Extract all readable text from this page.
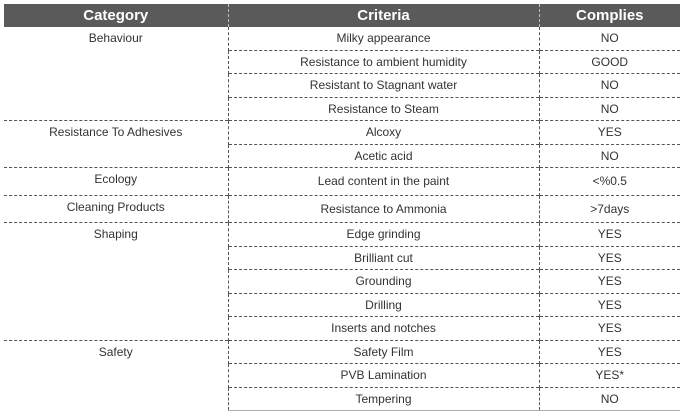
Category	Criteria	Complies
Behaviour	Milky appearance	NO
	Resistance to ambient humidity	GOOD
	Resistant to Stagnant water	NO
	Resistance to Steam	NO
Resistance To Adhesives	Alcoxy	YES
	Acetic acid	NO
Ecology	Lead content in the paint	<%0.5
Cleaning Products	Resistance to Ammonia	>7days
Shaping	Edge grinding	YES
	Brilliant cut	YES
	Grounding	YES
	Drilling	YES
	Inserts and notches	YES
Safety	Safety Film	YES
	PVB Lamination	YES*
	Tempering	NO
